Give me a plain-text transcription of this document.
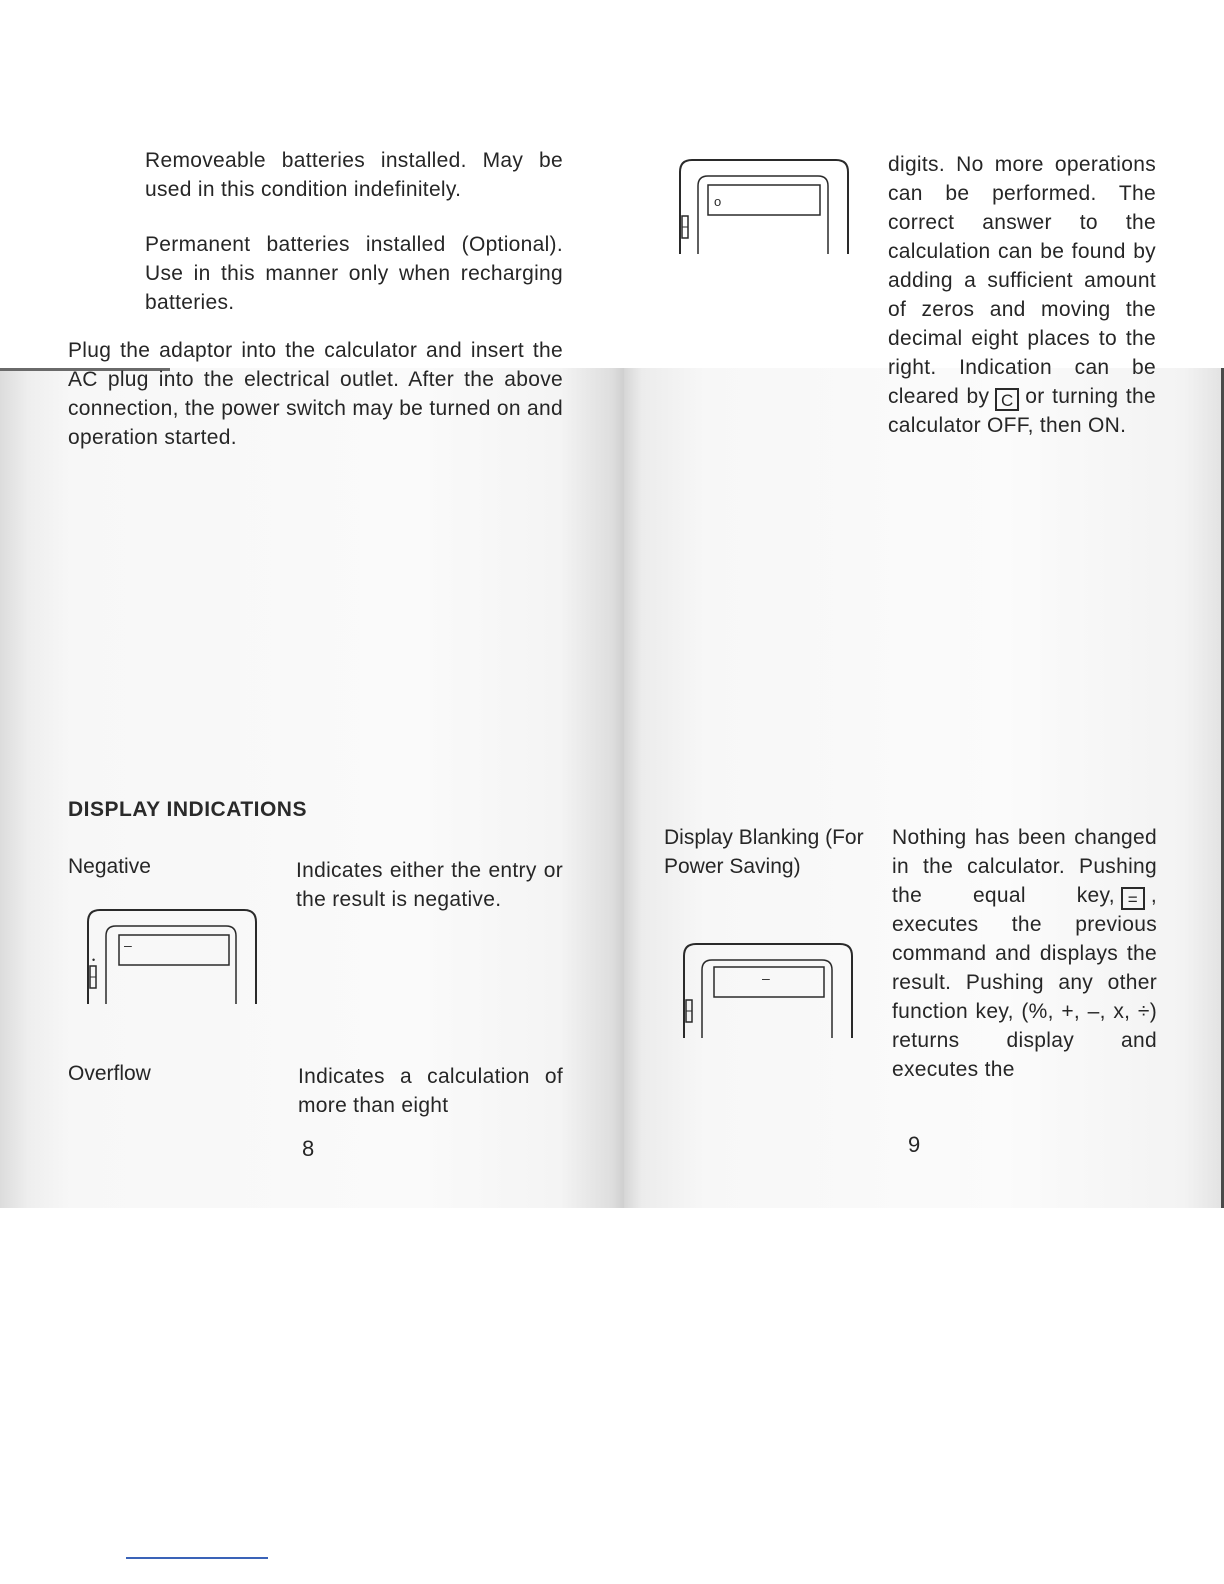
Removeable batteries installed. May be used in this condition indefinitely.

Permanent batteries installed (Optional). Use in this manner only when recharging batteries.

Plug the adaptor into the calculator and insert the AC plug into the electrical outlet. After the above connection, the power switch may be turned on and operation started.

DISPLAY INDICATIONS

Negative	Indicates either the entry or the result is negative.

•
–

Overflow	Indicates a calculation of more than eight

8

o

digits. No more operations can be performed. The correct answer to the calculation can be found by adding a sufficient amount of zeros and moving the decimal eight places to the right. Indication can be cleared by C or turning the calculator OFF, then ON.

Display Blanking (For Power Saving)

–

Nothing has been changed in the calculator. Pushing the equal key, = , executes the previous command and displays the result. Pushing any other function key, (%, +, –, x, ÷) returns display and executes the

9
